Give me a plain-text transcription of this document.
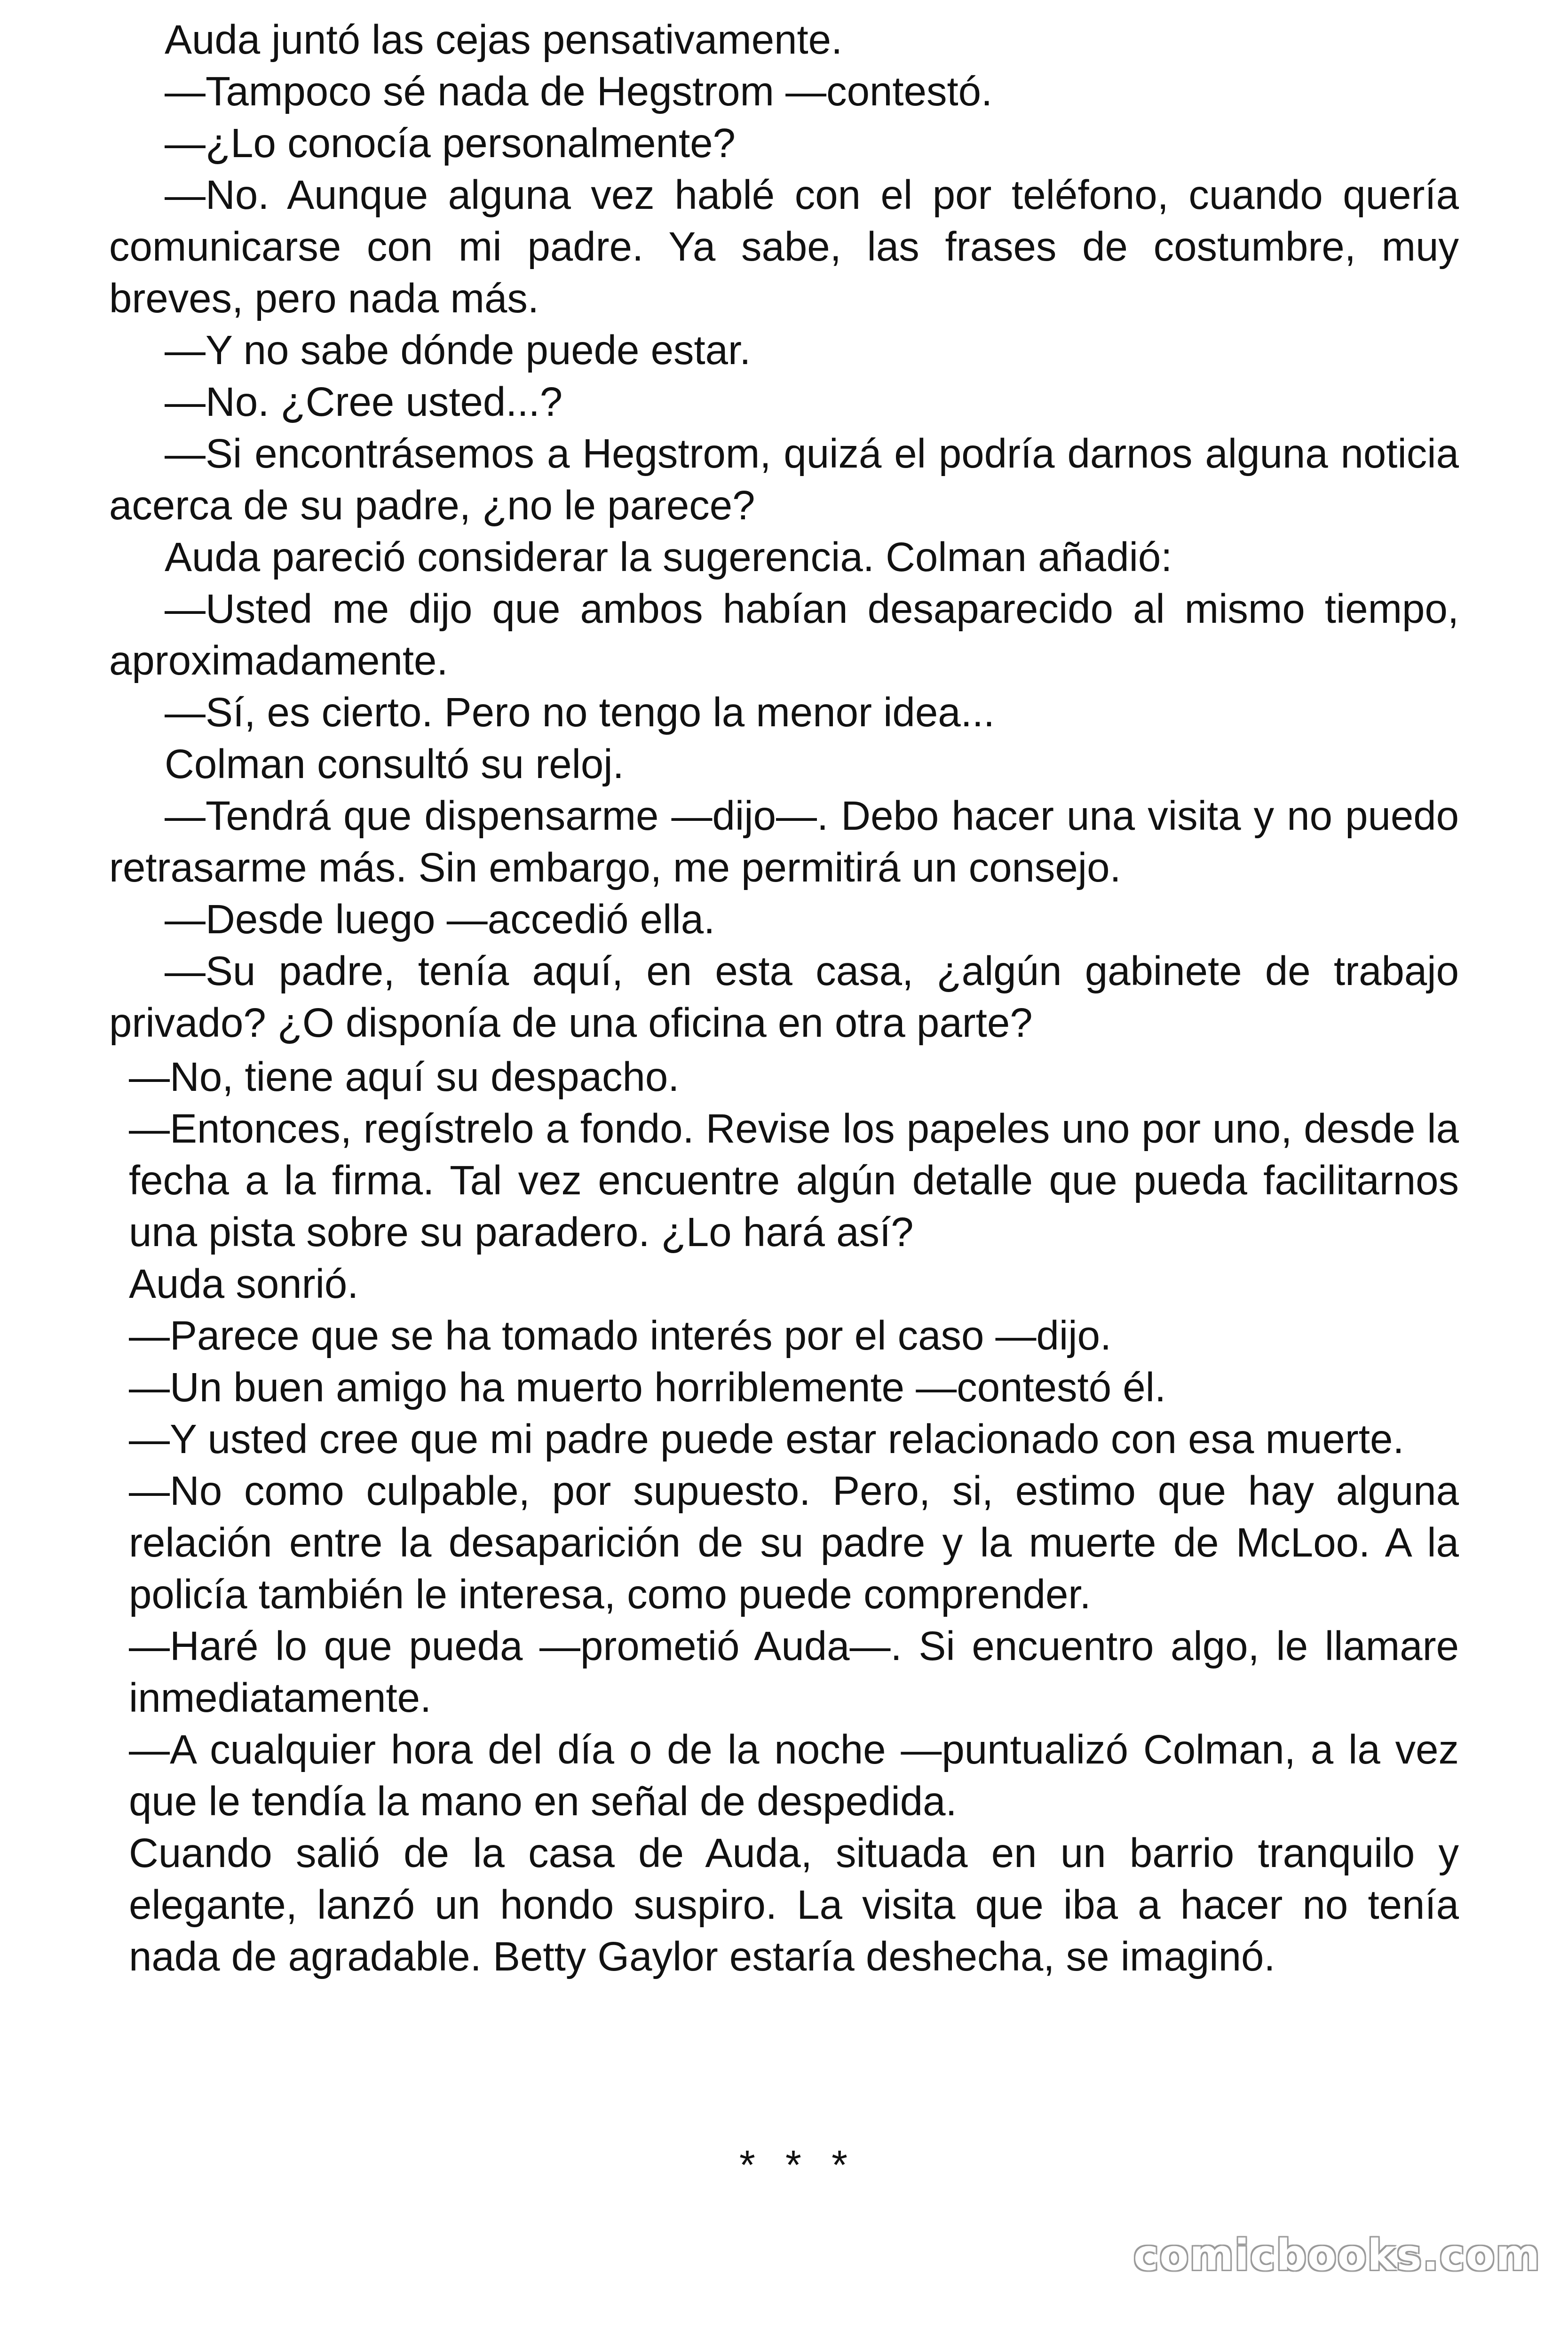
Auda juntó las cejas pensativamente.

—Tampoco sé nada de Hegstrom —contestó.

—¿Lo conocía personalmente?

—No. Aunque alguna vez hablé con el por teléfono, cuando quería comunicarse con mi padre. Ya sabe, las frases de costumbre, muy breves, pero nada más.

—Y no sabe dónde puede estar.

—No. ¿Cree usted...?

—Si encontrásemos a Hegstrom, quizá el podría darnos alguna noticia acerca de su padre, ¿no le parece?

Auda pareció considerar la sugerencia. Colman añadió:

—Usted me dijo que ambos habían desaparecido al mismo tiempo, aproximadamente.

—Sí, es cierto. Pero no tengo la menor idea...

Colman consultó su reloj.

—Tendrá que dispensarme —dijo—. Debo hacer una visita y no puedo retrasarme más. Sin embargo, me permitirá un consejo.

—Desde luego —accedió ella.

—Su padre, tenía aquí, en esta casa, ¿algún gabinete de trabajo privado? ¿O disponía de una oficina en otra parte?

—No, tiene aquí su despacho.

—Entonces, regístrelo a fondo. Revise los papeles uno por uno, desde la fecha a la firma. Tal vez encuentre algún detalle que pueda facilitarnos una pista sobre su paradero. ¿Lo hará así?

Auda sonrió.

—Parece que se ha tomado interés por el caso —dijo.

—Un buen amigo ha muerto horriblemente —contestó él.

—Y usted cree que mi padre puede estar relacionado con esa muerte.

—No como culpable, por supuesto. Pero, si, estimo que hay alguna relación entre la desaparición de su padre y la muerte de McLoo. A la policía también le interesa, como puede comprender.

—Haré lo que pueda —prometió Auda—. Si encuentro algo, le llamare inmediatamente.

—A cualquier hora del día o de la noche —puntualizó Colman, a la vez que le tendía la mano en señal de despedida.

Cuando salió de la casa de Auda, situada en un barrio tranquilo y elegante, lanzó un hondo suspiro. La visita que iba a hacer no tenía nada de agradable. Betty Gaylor estaría deshecha, se imaginó.

* * *
comicbooks.com
